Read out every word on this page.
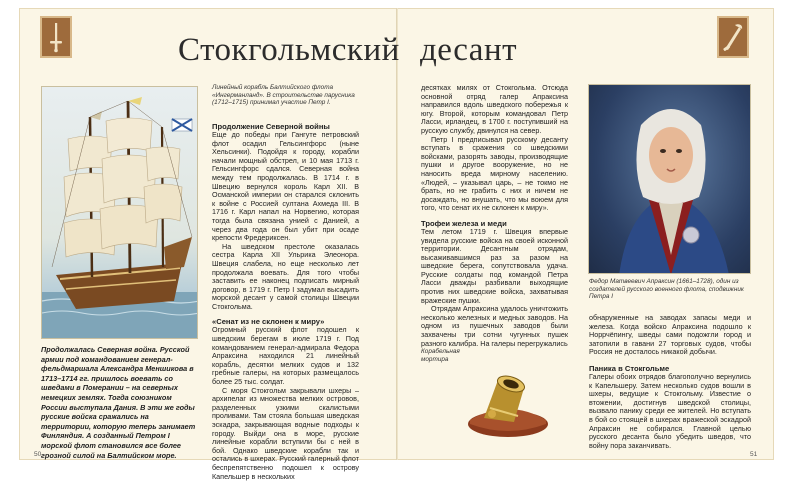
Стокгольмский десант
Линейный корабль Балтийского флота «Ингерманланд». В строительстве парусника (1712–1715) принимал участие Петр I.
Продолжалась Северная война. Русской армии под командованием генерал-фельдмаршала Александра Меншикова в 1713–1714 гг. пришлось воевать со шведами в Померании – на северных немецких землях. Тогда союзником России выступала Дания. В эти же годы русские войска сражались на территории, которую теперь занимает Финляндия. А созданный Петром I морской флот становился все более грозной силой на Балтийском море.
Продолжение Северной войны

Еще до победы при Гангуте петровский флот осадил Гельсингфорс (ныне Хельсинки). Подойдя к городу, корабли начали мощный обстрел, и 10 мая 1713 г. Гельсингфорс сдался. Северная война между тем продолжалась. В 1714 г. в Швецию вернулся король Карл XII. В Османской империи он старался склонить к войне с Россией султана Ахмеда III. В 1716 г. Карл напал на Норвегию, которая тогда была связана унией с Данией, а через два года он был убит при осаде крепости Фредериксен.

На шведском престоле оказалась сестра Карла XII Ульрика Элеонора. Швеция слабела, но еще несколько лет продолжала воевать. Для того чтобы заставить ее наконец подписать мирный договор, в 1719 г. Петр I задумал высадить морской десант у самой столицы Швеции Стокгольма.

«Сенат из не склонен к миру»

Огромный русский флот подошел к шведским берегам в июле 1719 г. Под командованием генерал-адмирала Федора Апраксина находился 21 линейный корабль, десятки мелких судов и 132 гребные галеры, на которых размещалось более 25 тыс. солдат.

С моря Стокгольм закрывали шхеры – архипелаг из множества мелких островов, разделенных узкими скалистыми проливами. Там стояла большая шведская эскадра, закрывающая водные подходы к городу. Выйди она в море, русские линейные корабли вступили бы с ней в бой. Однако шведские корабли так и остались в шхерах. Русский галерный флот беспрепятственно подошел к острову Капельшер в нескольких

десятках милях от Стокгольма. Отсюда основной отряд галер Апраксина направился вдоль шведского побережья к югу. Второй, которым командовал Петр Ласси, ирландец, в 1700 г. поступивший на русскую службу, двинулся на север.

Петр I предписывал русскому десанту вступать в сражения со шведскими войсками, разорять заводы, производящие пушки и другое вооружение, но не наносить вреда мирному населению. «Людей, – указывал царь, – не токмо не брать, но не грабить с них и ничем не досаждать, но внушать, что мы воюем для того, что сенат их не склонен к миру».

Трофеи железа и меди

Тем летом 1719 г. Швеция впервые увидела русские войска на своей исконной территории. Десантным отрядам, высаживавшимся раз за разом на шведские берега, сопутствовала удача. Русские солдаты под командой Петра Ласси дважды разбивали выходящие против них шведские войска, захватывая вражеские пушки.

Отрядам Апраксина удалось уничтожить несколько железных и медных заводов. На одном из пушечных заводов были захвачены три сотни чугунных пушек разного калибра. На галеры перегружались

Корабельная мортира
Федор Матвеевич Апраксин (1661–1728), один из создателей русского военного флота, сподвижник Петра I

обнаруженные на заводах запасы меди и железа. Когда войско Апраксина подошло к Норрчёпингу, шведы сами подожгли город и затопили в гавани 27 торговых судов, чтобы Россия не досталось никакой добычи.

Паника в Стокгольме

Галеры обоих отрядов благополучно вернулись к Капельшеру. Затем несколько судов вошли в шхеры, ведущие к Стокгольму. Известие о втожении, достигнув шведской столицы, вызвало панику среди ее жителей. Но вступать в бой со стоящей в шхерах вражеской эскадрой Апраксин не собирался. Главной целью русского десанта было убедить шведов, что войну пора заканчивать.

50	51
